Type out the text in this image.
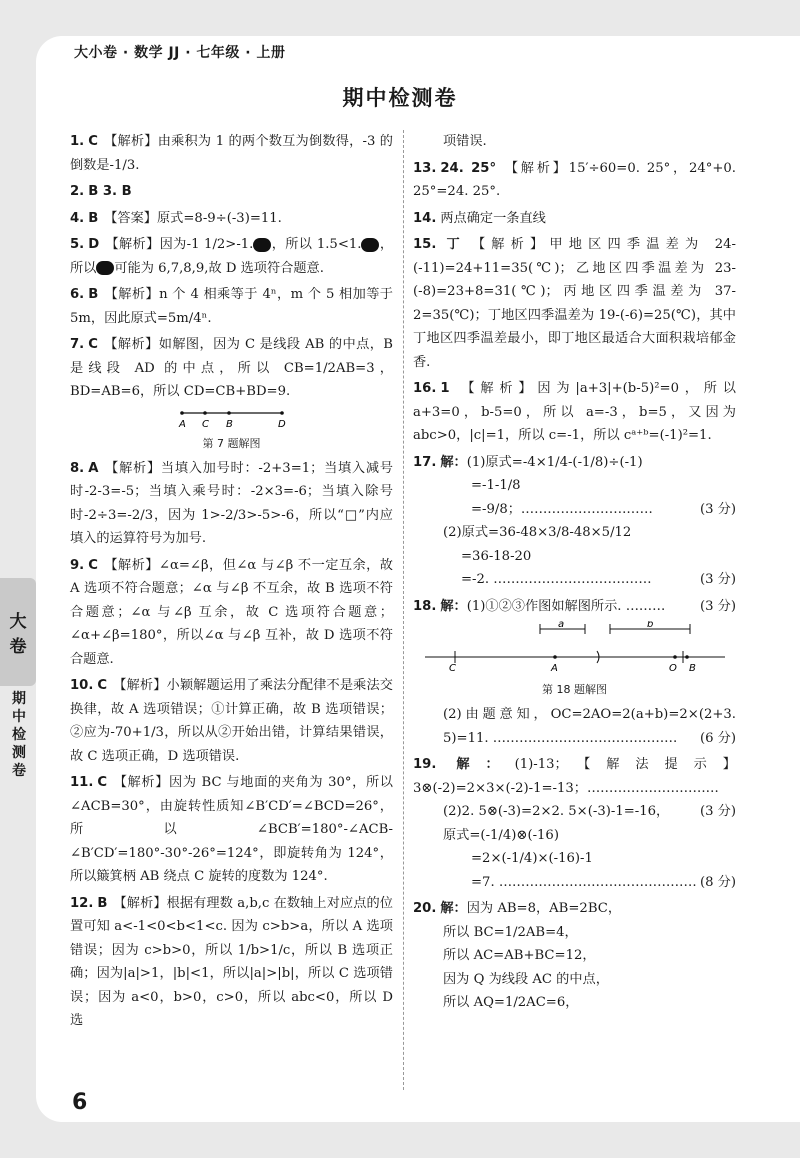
大小卷 · 数学 JJ · 七年级 · 上册
期中检测卷
大
卷
期中检测卷
1. C 【解析】由乘积为 1 的两个数互为倒数得，-3 的倒数是-1/3.
2. B 3. B
4. B 【答案】原式=8-9÷(-3)=11.
5. D 【解析】因为-1 1/2>-1. ，所以 1.5<1. ，所以 可能为 6,7,8,9,故 D 选项符合题意.
6. B 【解析】n 个 4 相乘等于 4ⁿ，m 个 5 相加等于 5m，因此原式=5m/4ⁿ.
7. C 【解析】如解图，因为 C 是线段 AB 的中点，B 是线段 AD 的中点，所以 CB=1/2AB=3，BD=AB=6，所以 CD=CB+BD=9.
A C B	D
第 7 题解图
8. A 【解析】当填入加号时：-2+3=1；当填入减号时-2-3=-5；当填入乘号时：-2×3=-6；当填入除号时-2÷3=-2/3，因为 1>-2/3>-5>-6，所以“□”内应填入的运算符号为加号.
9. C 【解析】∠α=∠β，但∠α 与∠β 不一定互余，故 A 选项不符合题意；∠α 与∠β 不互余，故 B 选项不符合题意；∠α 与∠β 互余，故 C 选项符合题意；∠α+∠β=180°，所以∠α 与∠β 互补，故 D 选项不符合题意.
10. C 【解析】小颖解题运用了乘法分配律不是乘法交换律，故 A 选项错误；①计算正确，故 B 选项错误；②应为-70+1/3，所以从②开始出错，计算结果错误，故 C 选项正确，D 选项错误.
11. C 【解析】因为 BC 与地面的夹角为 30°，所以∠ACB=30°，由旋转性质知∠B′CD′=∠BCD=26°，所以∠BCB′=180°-∠ACB-∠B′CD′=180°-30°-26°=124°，即旋转角为 124°，所以簸箕柄 AB 绕点 C 旋转的度数为 124°.
12. B 【解析】根据有理数 a,b,c 在数轴上对应点的位置可知 a<-1<0<b<1<c. 因为 c>b>a，所以 A 选项错误；因为 c>b>0，所以 1/b>1/c，所以 B 选项正确；因为|a|>1，|b|<1，所以|a|>|b|，所以 C 选项错误；因为 a<0，b>0，c>0，所以 abc<0，所以 D 选
项错误.
13. 24. 25° 【解析】15′÷60=0. 25°，24°+0. 25°=24. 25°.
14. 两点确定一条直线
15. 丁 【解析】甲地区四季温差为 24-(-11)=24+11=35(℃)；乙地区四季温差为 23-(-8)=23+8=31(℃)；丙地区四季温差为 37-2=35(℃)；丁地区四季温差为 19-(-6)=25(℃)，其中丁地区四季温差最小，即丁地区最适合大面积栽培郁金香.
16. 1 【解析】因为|a+3|+(b-5)²=0，所以 a+3=0，b-5=0，所以 a=-3，b=5，又因为 abc>0，|c|=1，所以 c=-1，所以 cᵃ⁺ᵇ=(-1)²=1.
17. 解：(1)原式=-4×1/4-(-1/8)÷(-1)
=-1-1/8
=-9/8；…………………………	(3 分)
(2)原式=36-48×3/8-48×5/12
=36-18-20
=-2. ………………………………	(3 分)
18. 解：(1)①②③作图如解图所示. ………	(3 分)
a	b
C	A	O B
第 18 题解图
(2)由题意知，OC=2AO=2(a+b)=2×(2+3. 5)=11. …………………………………… (6 分)
19. 解：(1)-13；【解法提示】3⊗(-2)=2×3×(-2)-1=-13；…………………………
(3 分)
(2)2. 5⊗(-3)=2×2. 5×(-3)-1=-16，
原式=(-1/4)⊗(-16)
=2×(-1/4)×(-16)-1
=7. ……………………………………… (8 分)
20. 解：因为 AB=8，AB=2BC，
所以 BC=1/2AB=4，
所以 AC=AB+BC=12，
因为 Q 为线段 AC 的中点，
所以 AQ=1/2AC=6，
6
